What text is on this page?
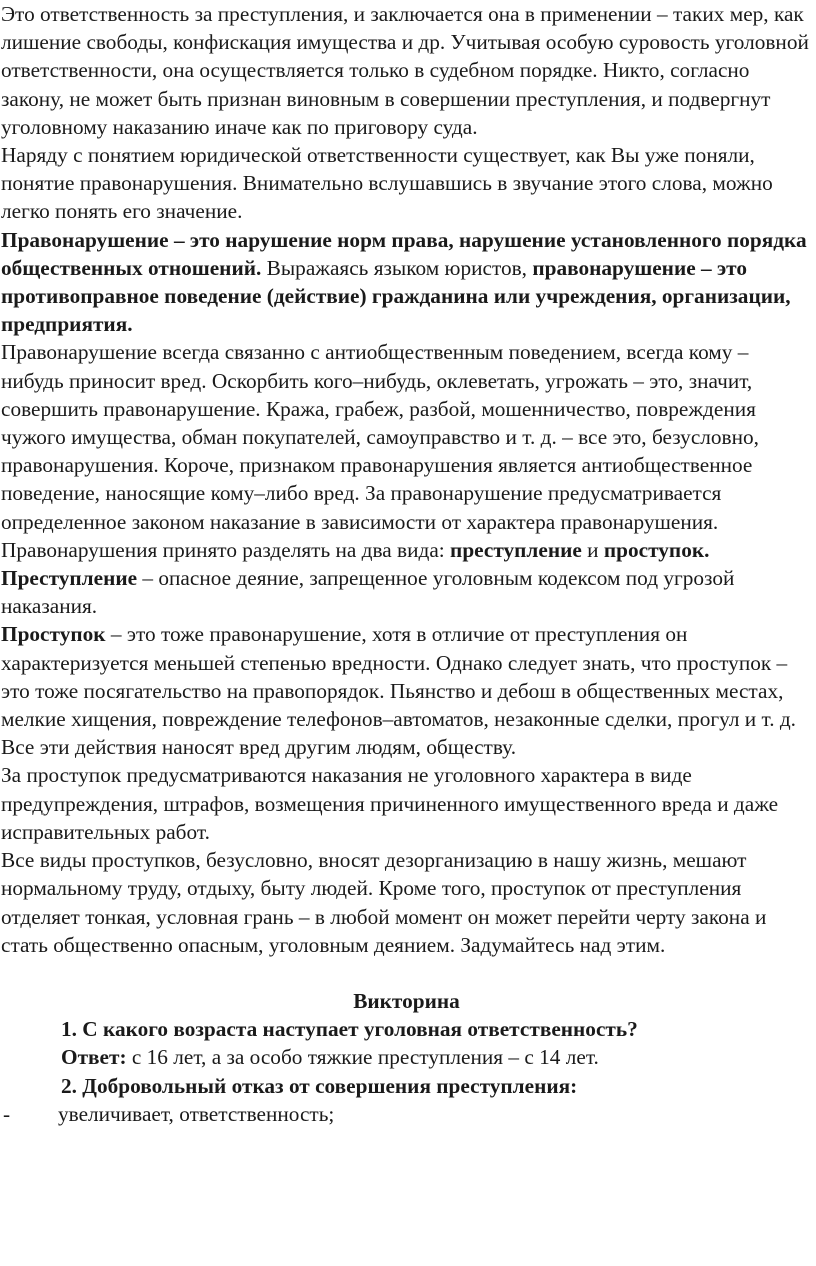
Это ответственность за преступления, и заключается она в применении – таких мер, как лишение свободы, конфискация имущества и др. Учитывая особую суровость уголовной ответственности, она осуществляется только в судебном порядке. Никто, согласно закону, не может быть признан виновным в совершении преступления, и подвергнут уголовному наказанию иначе как по приговору суда.

Наряду с понятием юридической ответственности существует, как Вы уже поняли, понятие правонарушения. Внимательно вслушавшись в звучание этого слова, можно легко понять его значение.

Правонарушение – это нарушение норм права, нарушение установленного порядка общественных отношений. Выражаясь языком юристов, правонарушение – это противоправное поведение (действие) гражданина или учреждения, организации, предприятия.

Правонарушение всегда связанно с антиобщественным поведением, всегда кому – нибудь приносит вред. Оскорбить кого–нибудь, оклеветать, угрожать – это, значит, совершить правонарушение. Кража, грабеж, разбой, мошенничество, повреждения чужого имущества, обман покупателей, самоуправство и т. д. – все это, безусловно, правонарушения. Короче, признаком правонарушения является антиобщественное поведение, наносящие кому–либо вред. За правонарушение предусматривается определенное законом наказание в зависимости от характера правонарушения. Правонарушения принято разделять на два вида: преступление и проступок.

Преступление – опасное деяние, запрещенное уголовным кодексом под угрозой наказания.

Проступок – это тоже правонарушение, хотя в отличие от преступления он характеризуется меньшей степенью вредности. Однако следует знать, что проступок – это тоже посягательство на правопорядок. Пьянство и дебош в общественных местах, мелкие хищения, повреждение телефонов–автоматов, незаконные сделки, прогул и т. д. Все эти действия наносят вред другим людям, обществу.

За проступок предусматриваются наказания не уголовного характера в виде предупреждения, штрафов, возмещения причиненного имущественного вреда и даже исправительных работ.

Все виды проступков, безусловно, вносят дезорганизацию в нашу жизнь, мешают нормальному труду, отдыху, быту людей. Кроме того, проступок от преступления отделяет тонкая, условная грань – в любой момент он может перейти черту закона и стать общественно опасным, уголовным деянием. Задумайтесь над этим.

Викторина

1. С какого возраста наступает уголовная ответственность?

Ответ: с 16 лет, а за особо тяжкие преступления – с 14 лет.

2. Добровольный отказ от совершения преступления:

- увеличивает, ответственность;
